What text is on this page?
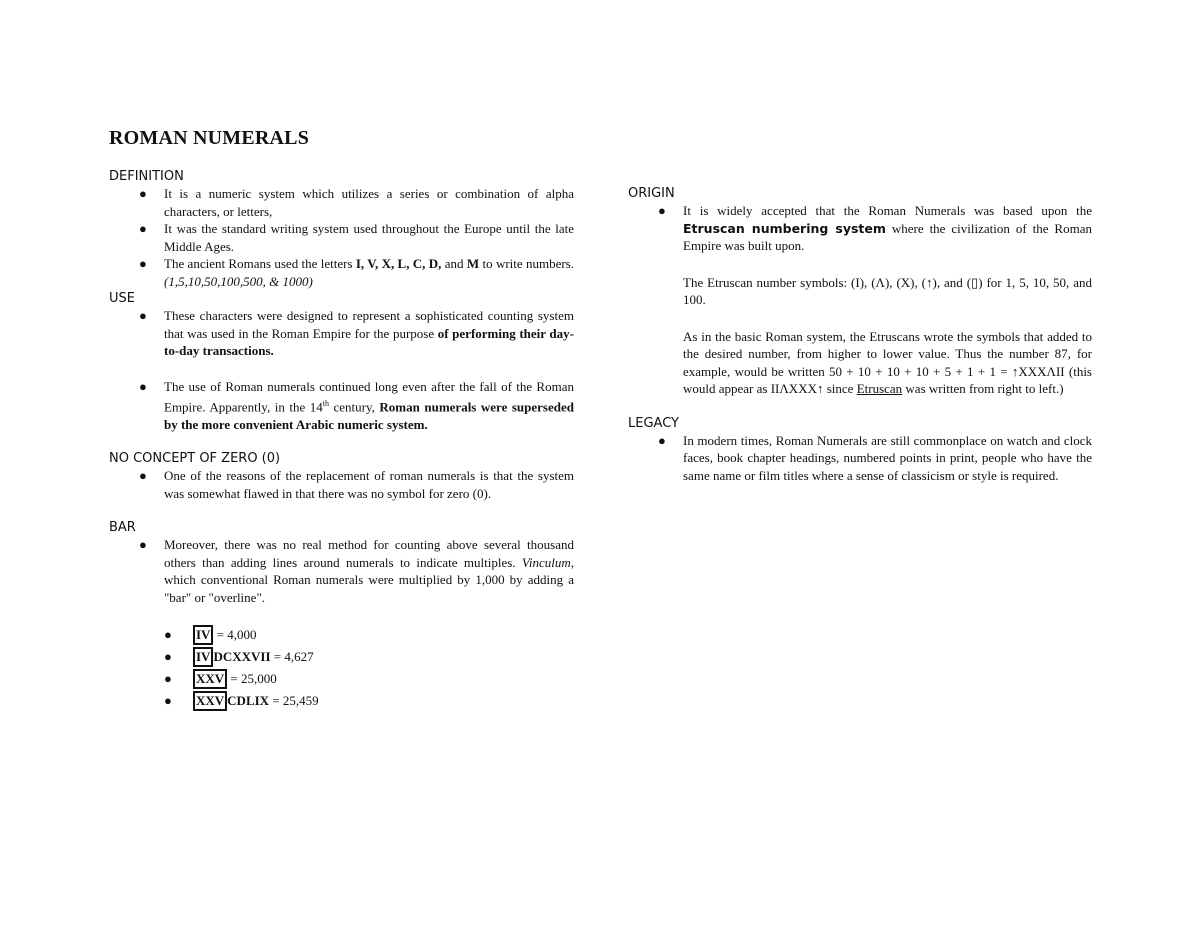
ROMAN NUMERALS
DEFINITION
● It is a numeric system which utilizes a series or combination of alpha characters, or letters,
● It was the standard writing system used throughout the Europe until the late Middle Ages.
● The ancient Romans used the letters I, V, X, L, C, D, and M to write numbers. (1,5,10,50,100,500, & 1000)
USE
● These characters were designed to represent a sophisticated counting system that was used in the Roman Empire for the purpose of performing their day-to-day transactions.
● The use of Roman numerals continued long even after the fall of the Roman Empire. Apparently, in the 14th century, Roman numerals were superseded by the more convenient Arabic numeric system.
NO CONCEPT OF ZERO (0)
● One of the reasons of the replacement of roman numerals is that the system was somewhat flawed in that there was no symbol for zero (0).
BAR
● Moreover, there was no real method for counting above several thousand others than adding lines around numerals to indicate multiples. Vinculum, which conventional Roman numerals were multiplied by 1,000 by adding a "bar" or "overline".
● IV = 4,000
● IV DCXXVII = 4,627
● XXV = 25,000
● XXV CDLIX = 25,459
ORIGIN
● It is widely accepted that the Roman Numerals was based upon the Etruscan numbering system where the civilization of the Roman Empire was built upon.

The Etruscan number symbols: (I), (Λ), (X), (↑), and (▯) for 1, 5, 10, 50, and 100.

As in the basic Roman system, the Etruscans wrote the symbols that added to the desired number, from higher to lower value. Thus the number 87, for example, would be written 50 + 10 + 10 + 10 + 5 + 1 + 1 = ↑XXXΛII (this would appear as IIΛXXX↑ since Etruscan was written from right to left.)

LEGACY
● In modern times, Roman Numerals are still commonplace on watch and clock faces, book chapter headings, numbered points in print, people who have the same name or film titles where a sense of classicism or style is required.
